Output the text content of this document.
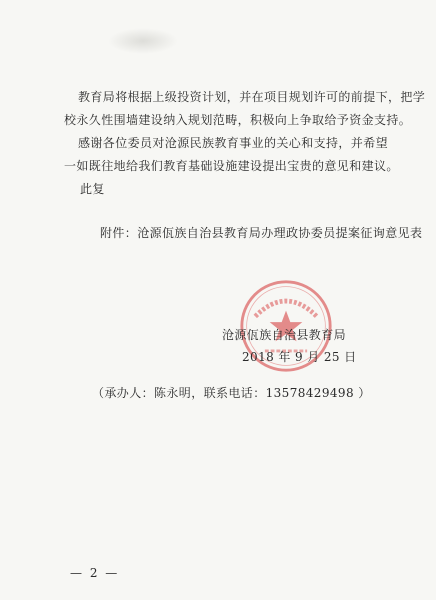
教育局将根据上级投资计划，并在项目规划许可的前提下，把学
校永久性围墙建设纳入规划范畴，积极向上争取给予资金支持。
感谢各位委员对沧源民族教育事业的关心和支持，并希望
一如既往地给我们教育基础设施建设提出宝贵的意见和建议。
此复
附件：沧源佤族自治县教育局办理政协委员提案征询意见表
沧源佤族自治县教育局
2018 年 9 月 25 日
（承办人：陈永明，联系电话：13578429498 ）
— 2 —
